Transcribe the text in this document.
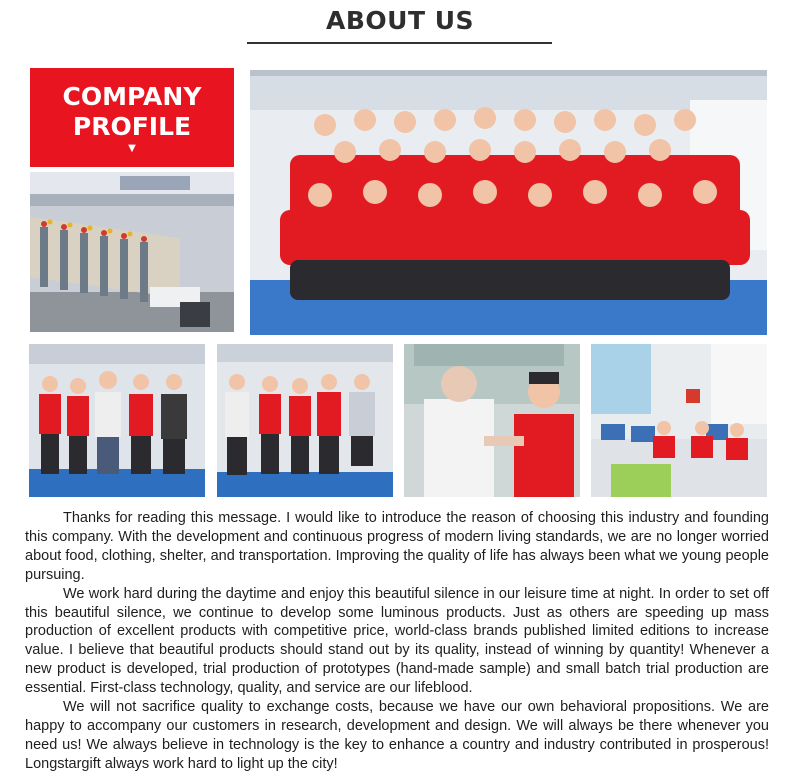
ABOUT US
COMPANY
PROFILE
▼

Thanks for reading this message. I would like to introduce the reason of choosing this industry and founding this company. With the development and continuous progress of modern living standards, we are no longer worried about food, clothing, shelter, and transportation. Improving the quality of life has always been what we young people pursuing.

We work hard during the daytime and enjoy this beautiful silence in our leisure time at night. In order to set off this beautiful silence, we continue to develop some luminous products. Just as others are speeding up mass production of excellent products with competitive price, world-class brands published limited editions to increase value. I believe that beautiful products should stand out by its quality, instead of winning by quantity! Whenever a new product is developed, trial production of prototypes (hand-made sample) and small batch trial production are essential. First-class technology, quality, and service are our lifeblood.

We will not sacrifice quality to exchange costs, because we have our own behavioral propositions. We are happy to accompany our customers in research, development and design. We will always be there whenever you need us! We always believe in technology is the key to enhance a country and industry contributed in prosperous! Longstargift always work hard to light up the city!
